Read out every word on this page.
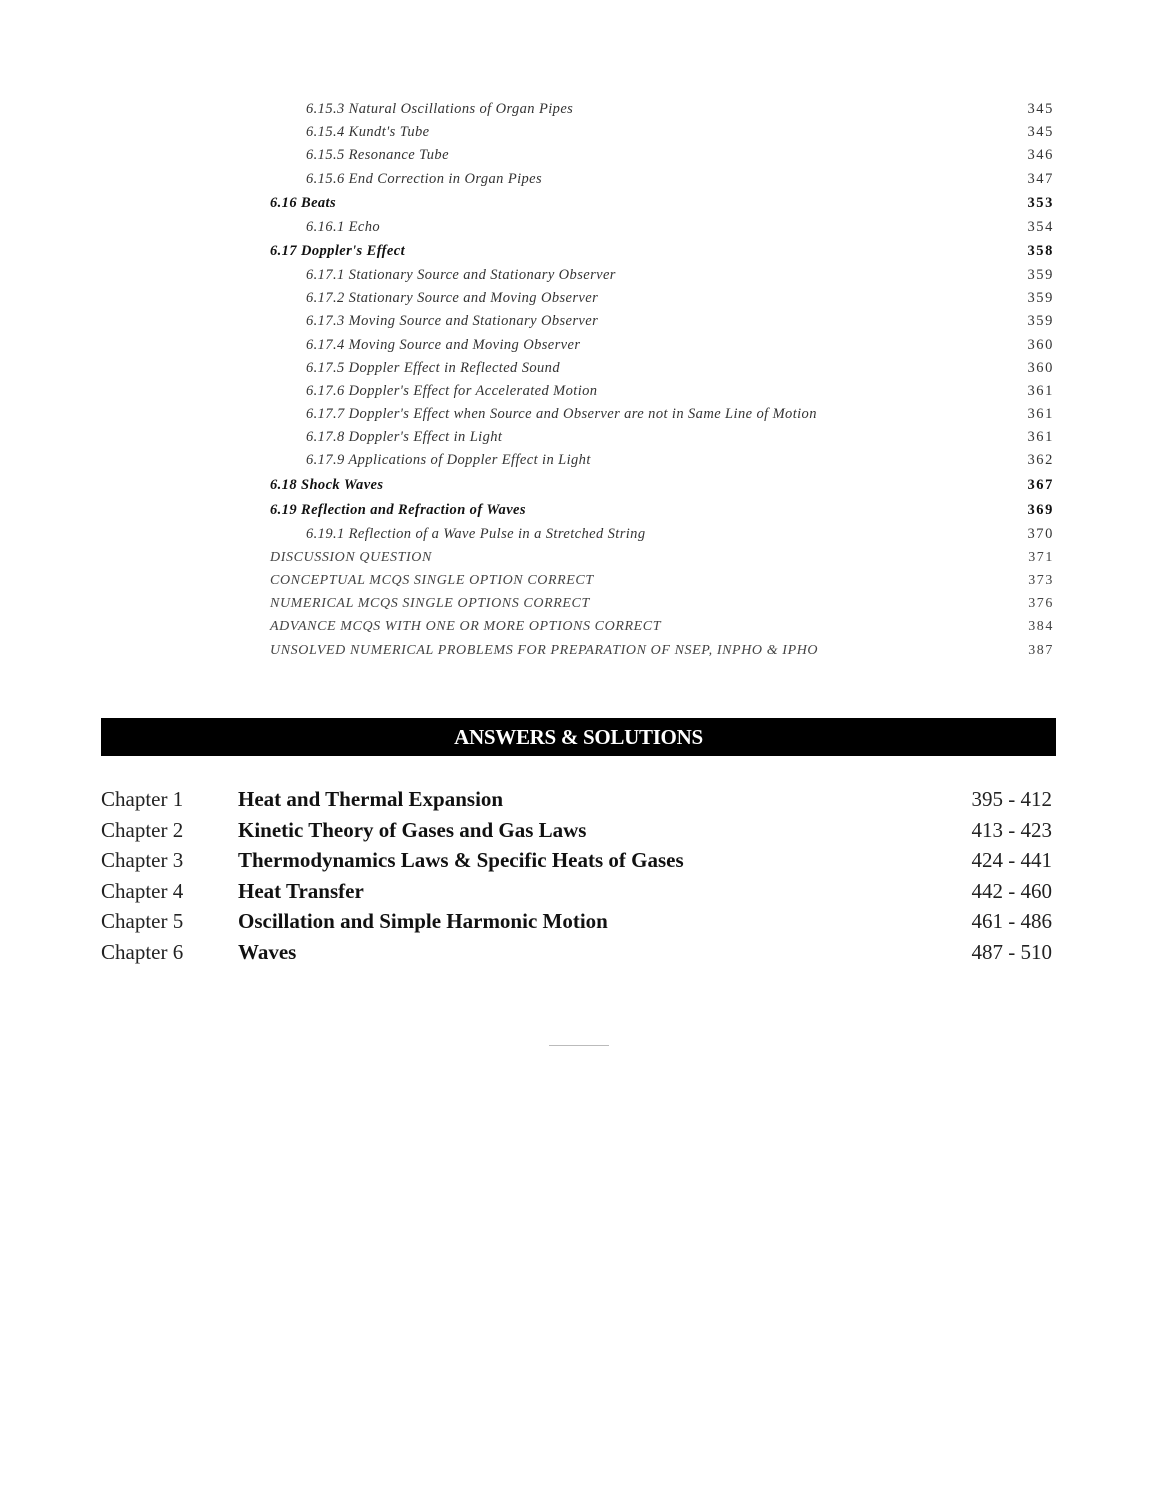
6.15.3 Natural Oscillations of Organ Pipes	345
6.15.4 Kundt's Tube	345
6.15.5 Resonance Tube	346
6.15.6 End Correction in Organ Pipes	347
6.16 Beats	353
6.16.1 Echo	354
6.17 Doppler's Effect	358
6.17.1 Stationary Source and Stationary Observer	359
6.17.2 Stationary Source and Moving Observer	359
6.17.3 Moving Source and Stationary Observer	359
6.17.4 Moving Source and Moving Observer	360
6.17.5 Doppler Effect in Reflected Sound	360
6.17.6 Doppler's Effect for Accelerated Motion	361
6.17.7 Doppler's Effect when Source and Observer are not in Same Line of Motion	361
6.17.8 Doppler's Effect in Light	361
6.17.9 Applications of Doppler Effect in Light	362
6.18 Shock Waves	367
6.19 Reflection and Refraction of Waves	369
6.19.1 Reflection of a Wave Pulse in a Stretched String	370
DISCUSSION QUESTION	371
CONCEPTUAL MCQS SINGLE OPTION CORRECT	373
NUMERICAL MCQS SINGLE OPTIONS CORRECT	376
ADVANCE MCQS WITH ONE OR MORE OPTIONS CORRECT	384
UNSOLVED NUMERICAL PROBLEMS FOR PREPARATION OF NSEP, INPHO & IPHO	387
ANSWERS & SOLUTIONS
Chapter 1	Heat and Thermal Expansion	395 - 412
Chapter 2	Kinetic Theory of Gases and Gas Laws	413 - 423
Chapter 3	Thermodynamics Laws & Specific Heats of Gases	424 - 441
Chapter 4	Heat Transfer	442 - 460
Chapter 5	Oscillation and Simple Harmonic Motion	461 - 486
Chapter 6	Waves	487 - 510
